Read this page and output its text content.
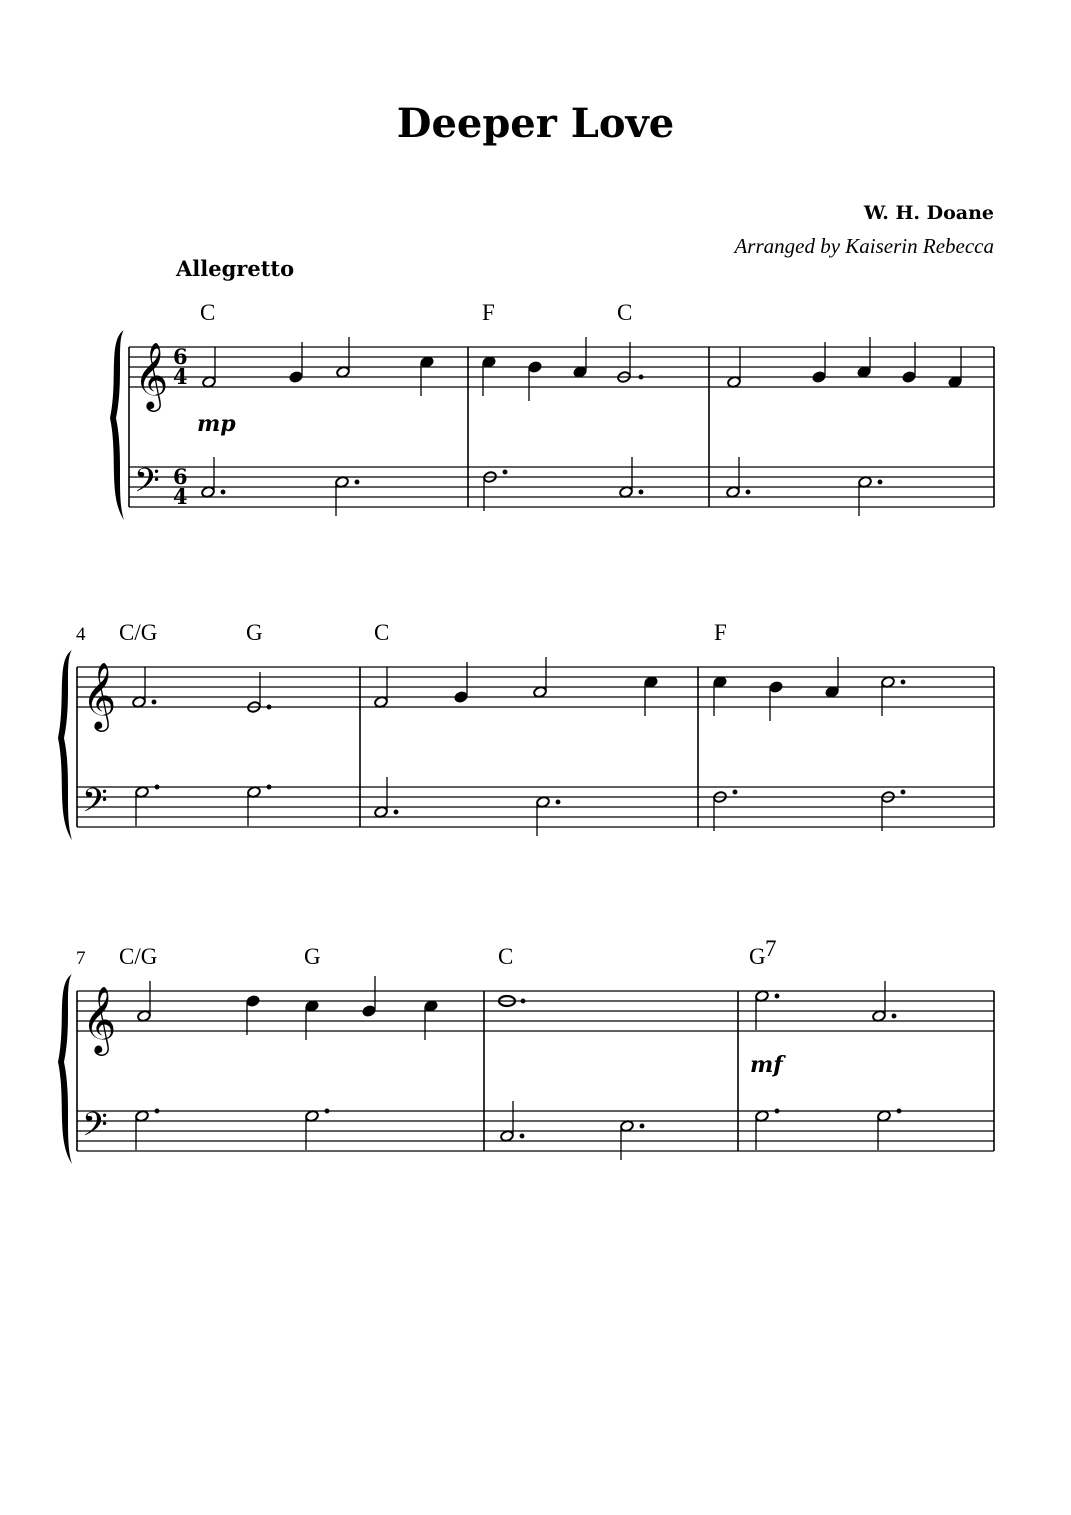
Deeper Love
W. H. Doane
Arranged by Kaiserin Rebecca
Allegretto
𝄞
𝄢
6
4
6
4
C	F	C
mp
𝄞
𝄢
4 C/G	G	C	F
𝄞
𝄢
7 C/G	G	C	G 7
mf
